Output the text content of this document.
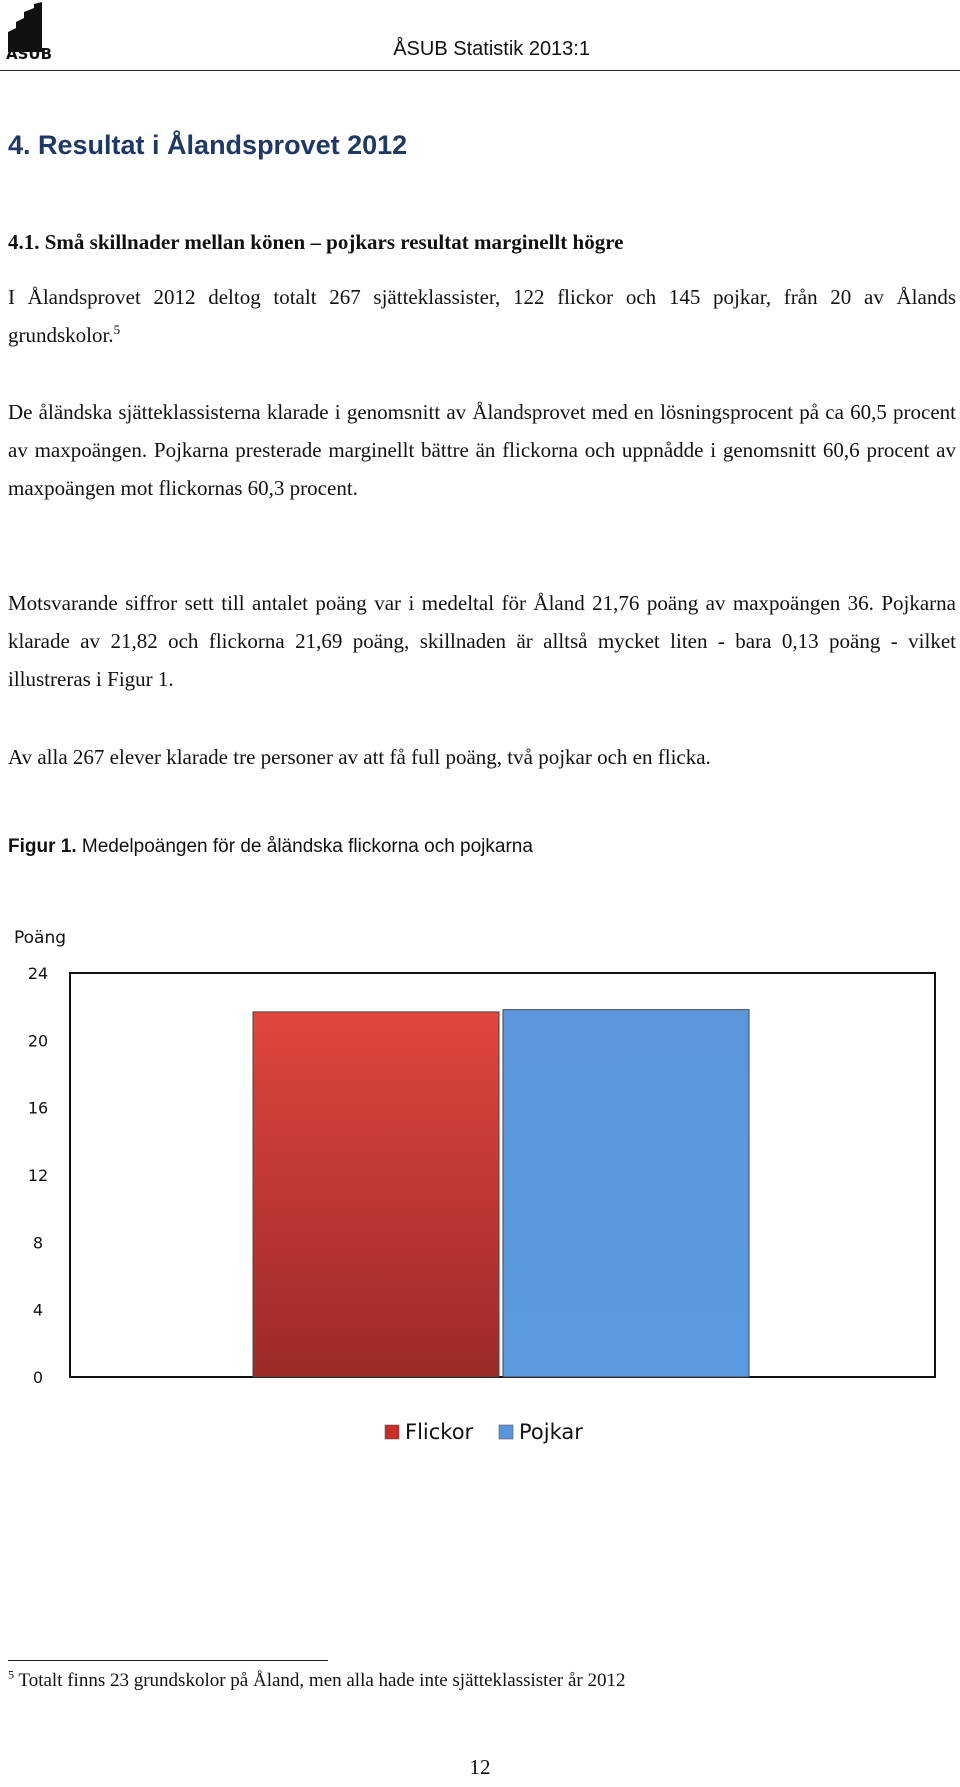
ÅSUB	ÅSUB Statistik 2013:1
4. Resultat i Ålandsprovet 2012
4.1. Små skillnader mellan könen – pojkars resultat marginellt högre

I Ålandsprovet 2012 deltog totalt 267 sjätteklassister, 122 flickor och 145 pojkar, från 20 av Ålands grundskolor.$^5$

De åländska sjätteklassisterna klarade i genomsnitt av Ålandsprovet med en lösningsprocent på ca 60,5 procent av maxpoängen. Pojkarna presterade marginellt bättre än flickorna och uppnådde i genomsnitt 60,6 procent av maxpoängen mot flickornas 60,3 procent.

Motsvarande siffror sett till antalet poäng var i medeltal för Åland 21,76 poäng av maxpoängen 36. Pojkarna klarade av 21,82 och flickorna 21,69 poäng, skillnaden är alltså mycket liten - bara 0,13 poäng - vilket illustreras i Figur 1.

Av alla 267 elever klarade tre personer av att få full poäng, två pojkar och en flicka.

Figur 1. Medelpoängen för de åländska flickorna och pojkarna
Poäng
0
4
8
12
16
20
24
Flickor Pojkar
$^5$ Totalt finns 23 grundskolor på Åland, men alla hade inte sjätteklassister år 2012
12
